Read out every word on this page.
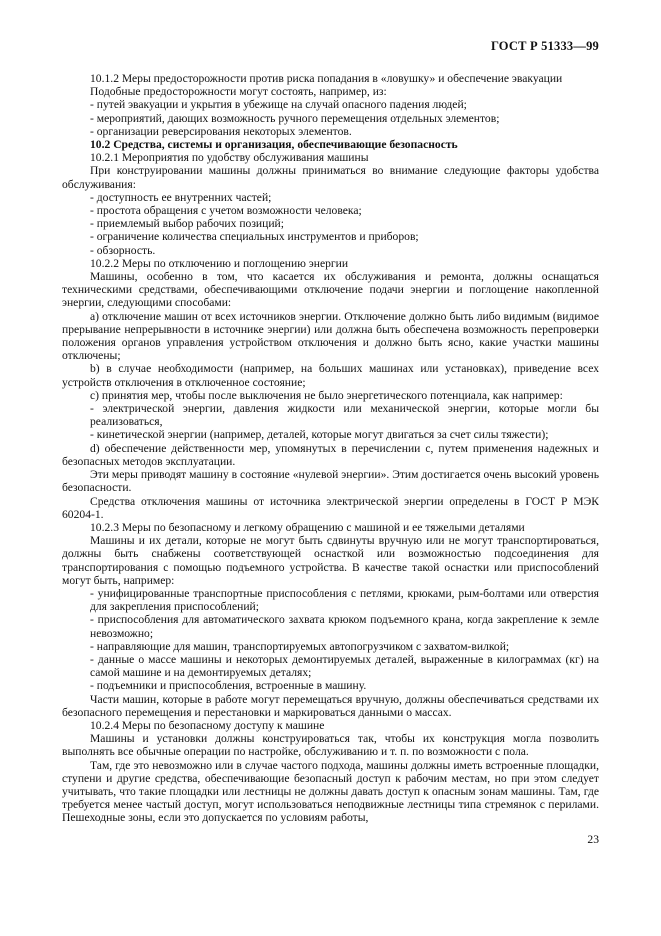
ГОСТ Р 51333—99

10.1.2 Меры предосторожности против риска попадания в «ловушку» и обеспечение эвакуации

Подобные предосторожности могут состоять, например, из:

- путей эвакуации и укрытия в убежище на случай опасного падения людей;

- мероприятий, дающих возможность ручного перемещения отдельных элементов;

- организации реверсирования некоторых элементов.

10.2 Средства, системы и организация, обеспечивающие безопасность

10.2.1 Мероприятия по удобству обслуживания машины

При конструировании машины должны приниматься во внимание следующие факторы удобства обслуживания:

- доступность ее внутренних частей;

- простота обращения с учетом возможности человека;

- приемлемый выбор рабочих позиций;

- ограничение количества специальных инструментов и приборов;

- обзорность.

10.2.2 Меры по отключению и поглощению энергии

Машины, особенно в том, что касается их обслуживания и ремонта, должны оснащаться техническими средствами, обеспечивающими отключение подачи энергии и поглощение накопленной энергии, следующими способами:

a) отключение машин от всех источников энергии. Отключение должно быть либо видимым (видимое прерывание непрерывности в источнике энергии) или должна быть обеспечена возможность перепроверки положения органов управления устройством отключения и должно быть ясно, какие участки машины отключены;

b) в случае необходимости (например, на больших машинах или установках), приведение всех устройств отключения в отключенное состояние;

c) принятия мер, чтобы после выключения не было энергетического потенциала, как например:

- электрической энергии, давления жидкости или механической энергии, которые могли бы реализоваться,

- кинетической энергии (например, деталей, которые могут двигаться за счет силы тяжести);

d) обеспечение действенности мер, упомянутых в перечислении c, путем применения надежных и безопасных методов эксплуатации.

Эти меры приводят машину в состояние «нулевой энергии». Этим достигается очень высокий уровень безопасности.

Средства отключения машины от источника электрической энергии определены в ГОСТ Р МЭК 60204-1.

10.2.3 Меры по безопасному и легкому обращению с машиной и ее тяжелыми деталями

Машины и их детали, которые не могут быть сдвинуты вручную или не могут транспортироваться, должны быть снабжены соответствующей оснасткой или возможностью подсоединения для транспортирования с помощью подъемного устройства. В качестве такой оснастки или приспособлений могут быть, например:

- унифицированные транспортные приспособления с петлями, крюками, рым-болтами или отверстия для закрепления приспособлений;

- приспособления для автоматического захвата крюком подъемного крана, когда закрепление к земле невозможно;

- направляющие для машин, транспортируемых автопогрузчиком с захватом-вилкой;

- данные о массе машины и некоторых демонтируемых деталей, выраженные в килограммах (кг) на самой машине и на демонтируемых деталях;

- подъемники и приспособления, встроенные в машину.

Части машин, которые в работе могут перемещаться вручную, должны обеспечиваться средствами их безопасного перемещения и перестановки и маркироваться данными о массах.

10.2.4 Меры по безопасному доступу к машине

Машины и установки должны конструироваться так, чтобы их конструкция могла позволить выполнять все обычные операции по настройке, обслуживанию и т. п. по возможности с пола.

Там, где это невозможно или в случае частого подхода, машины должны иметь встроенные площадки, ступени и другие средства, обеспечивающие безопасный доступ к рабочим местам, но при этом следует учитывать, что такие площадки или лестницы не должны давать доступ к опасным зонам машины. Там, где требуется менее частый доступ, могут использоваться неподвижные лестницы типа стремянок с перилами. Пешеходные зоны, если это допускается по условиям работы,

23
